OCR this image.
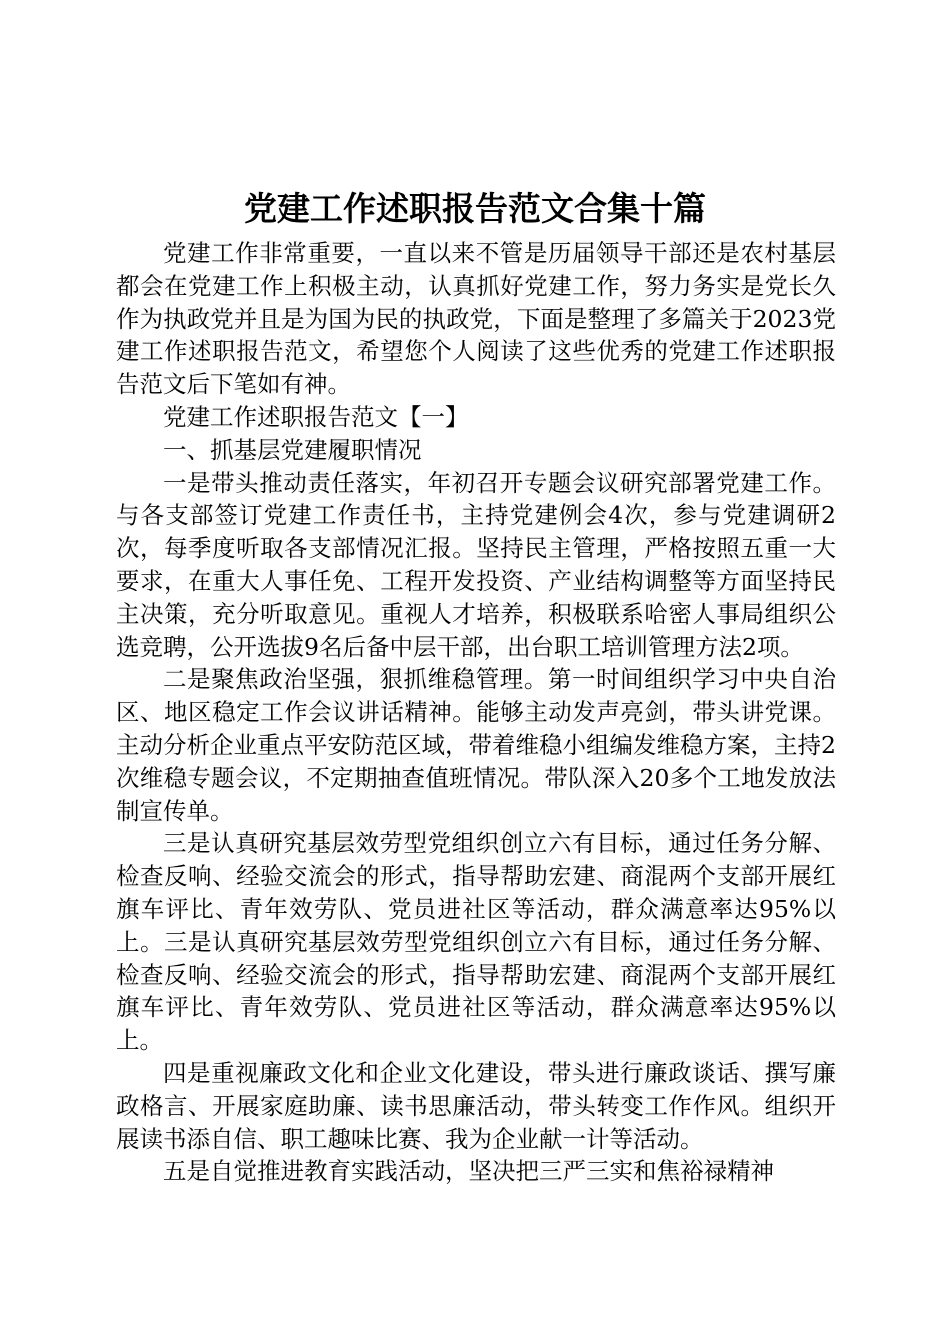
党建工作述职报告范文合集十篇

党建工作非常重要，一直以来不管是历届领导干部还是农村基层都会在党建工作上积极主动，认真抓好党建工作，努力务实是党长久作为执政党并且是为国为民的执政党，下面是整理了多篇关于2023党建工作述职报告范文，希望您个人阅读了这些优秀的党建工作述职报告范文后下笔如有神。

党建工作述职报告范文【一】

一、抓基层党建履职情况

一是带头推动责任落实，年初召开专题会议研究部署党建工作。与各支部签订党建工作责任书，主持党建例会4次，参与党建调研2次，每季度听取各支部情况汇报。坚持民主管理，严格按照五重一大要求，在重大人事任免、工程开发投资、产业结构调整等方面坚持民主决策，充分听取意见。重视人才培养，积极联系哈密人事局组织公选竞聘，公开选拔9名后备中层干部，出台职工培训管理方法2项。

二是聚焦政治坚强，狠抓维稳管理。第一时间组织学习中央自治区、地区稳定工作会议讲话精神。能够主动发声亮剑，带头讲党课。主动分析企业重点平安防范区域，带着维稳小组编发维稳方案，主持2次维稳专题会议，不定期抽查值班情况。带队深入20多个工地发放法制宣传单。

三是认真研究基层效劳型党组织创立六有目标，通过任务分解、检查反响、经验交流会的形式，指导帮助宏建、商混两个支部开展红旗车评比、青年效劳队、党员进社区等活动，群众满意率达95%以上。三是认真研究基层效劳型党组织创立六有目标，通过任务分解、检查反响、经验交流会的形式，指导帮助宏建、商混两个支部开展红旗车评比、青年效劳队、党员进社区等活动，群众满意率达95%以上。

四是重视廉政文化和企业文化建设，带头进行廉政谈话、撰写廉政格言、开展家庭助廉、读书思廉活动，带头转变工作作风。组织开展读书添自信、职工趣味比赛、我为企业献一计等活动。

五是自觉推进教育实践活动，坚决把三严三实和焦裕禄精神
